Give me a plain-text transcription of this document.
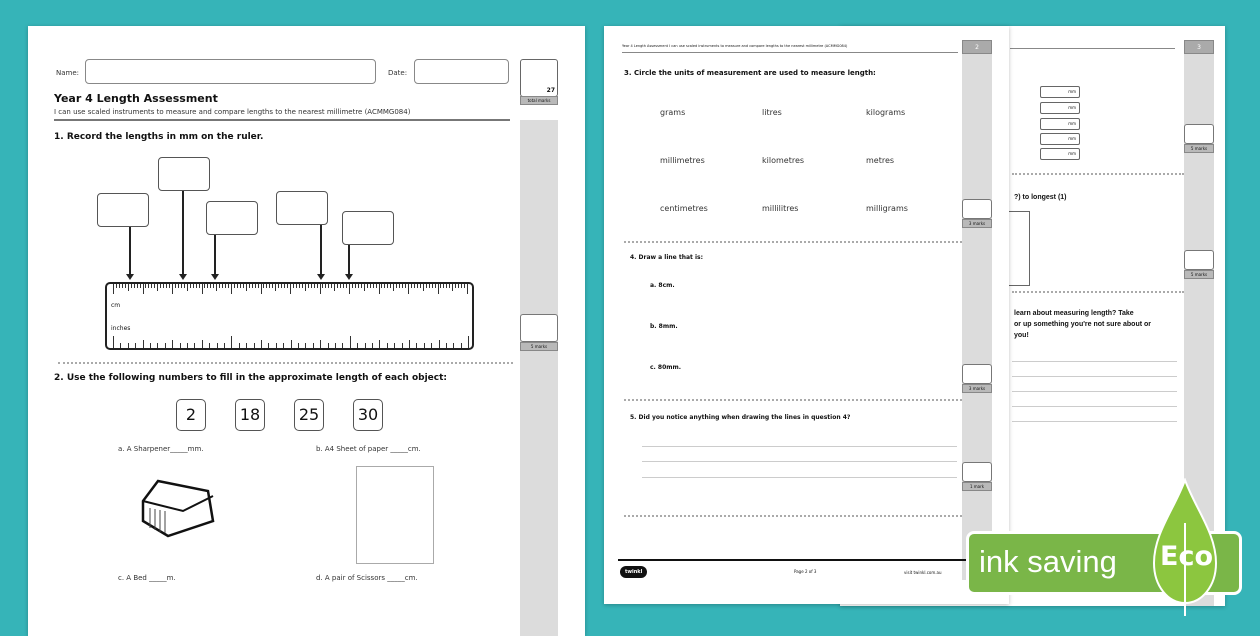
Name:	Date:
27
total marks
5 marks
Year 4 Length Assessment
I can use scaled instruments to measure and compare lengths to the nearest millimetre (ACMMG084)
1. Record the lengths in mm on the ruler.
cm
inches
2. Use the following numbers to fill in the approximate length of each object:
2	18	25	30
a. A Sharpener_____mm.	b. A4 Sheet of paper _____cm.
c. A Bed _____m.	d. A pair of Scissors _____cm.
3
mm
mm
mm
mm
mm
5 marks
?) to longest (1)
5 marks
learn about measuring length? Take
or up something you're not sure about or
you!
Year 4 Length Assessment I can use scaled instruments to measure and compare lengths to the nearest millimetre (ACMMG084)	2
3. Circle the units of measurement are used to measure length:
grams	litres	kilograms
millimetres	kilometres	metres
centimetres	millilitres	milligrams
3 marks
4. Draw a line that is:
a. 8cm.
b. 8mm.
c. 80mm.
3 marks
5. Did you notice anything when drawing the lines in question 4?
1 mark
twinkl	Page 2 of 3	visit twinkl.com.au ink saving Eco
